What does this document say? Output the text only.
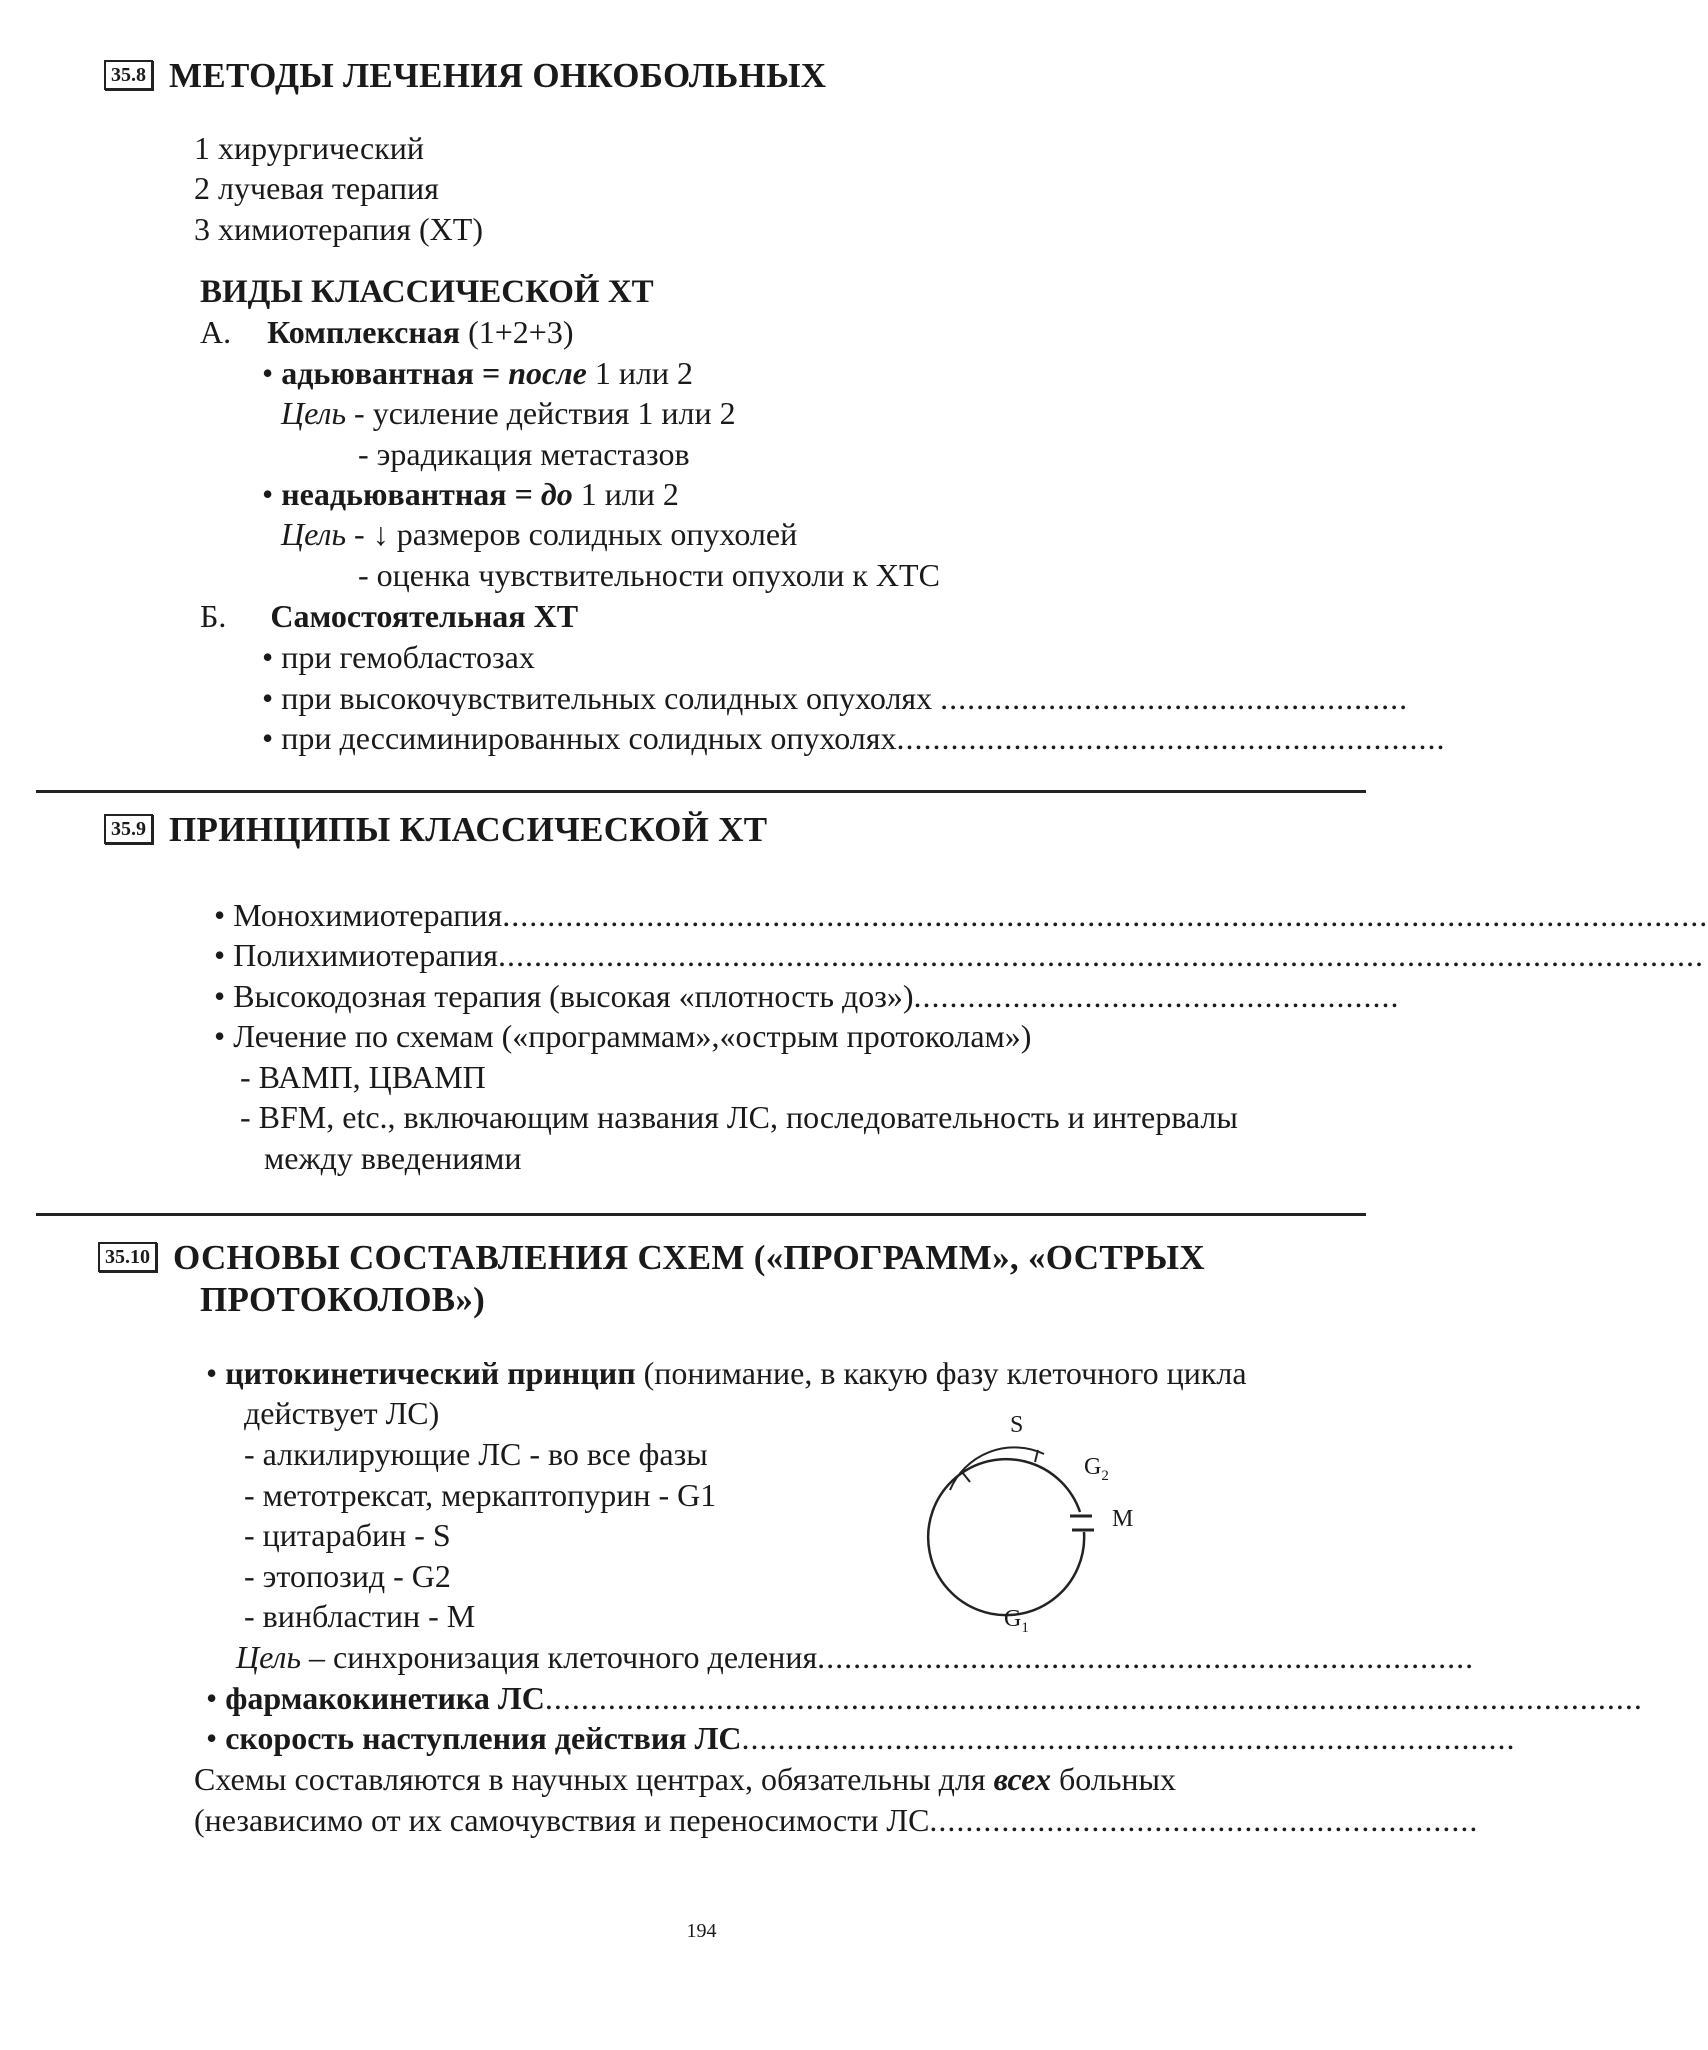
35.8 МЕТОДЫ ЛЕЧЕНИЯ ОНКОБОЛЬНЫХ
1 хирургический
2 лучевая терапия
3 химиотерапия (ХТ)
ВИДЫ КЛАССИЧЕСКОЙ ХТ
А. Комплексная (1+2+3)
• адьювантная = после 1 или 2
Цель - усиление действия 1 или 2
- эрадикация метастазов
• неадьювантная = до 1 или 2
Цель - ↓ размеров солидных опухолей
- оценка чувствительности опухоли к ХТС
Б. Самостоятельная ХТ
• при гемобластозах
• при высокочувствительных солидных опухолях ....................................................
• при дессиминированных солидных опухолях.............................................................
35.9 ПРИНЦИПЫ КЛАССИЧЕСКОЙ ХТ
• Монохимиотерапия......................................................................................................................................
• Полихимиотерапия......................................................................................................................................
• Высокодозная терапия (высокая «плотность доз»)......................................................
• Лечение по схемам («программам»,«острым протоколам»)
- ВАМП, ЦВАМП
- BFM, etc., включающим названия ЛС, последовательность и интервалы
между введениями
35.10 ОСНОВЫ СОСТАВЛЕНИЯ СХЕМ («ПРОГРАММ», «ОСТРЫХ
ПРОТОКОЛОВ»)
• цитокинетический принцип (понимание, в какую фазу клеточного цикла
действует ЛС)
- алкилирующие ЛС - во все фазы
- метотрексат, меркаптопурин - G1
- цитарабин - S
- этопозид - G2
- винбластин - М
S
$G_2$
M
$G_1$
Цель – синхронизация клеточного деления.........................................................................
• фармакокинетика ЛС..........................................................................................................................
• скорость наступления действия ЛС......................................................................................
Схемы составляются в научных центрах, обязательны для всех больных
(независимо от их самочувствия и переносимости ЛС.............................................................
194
